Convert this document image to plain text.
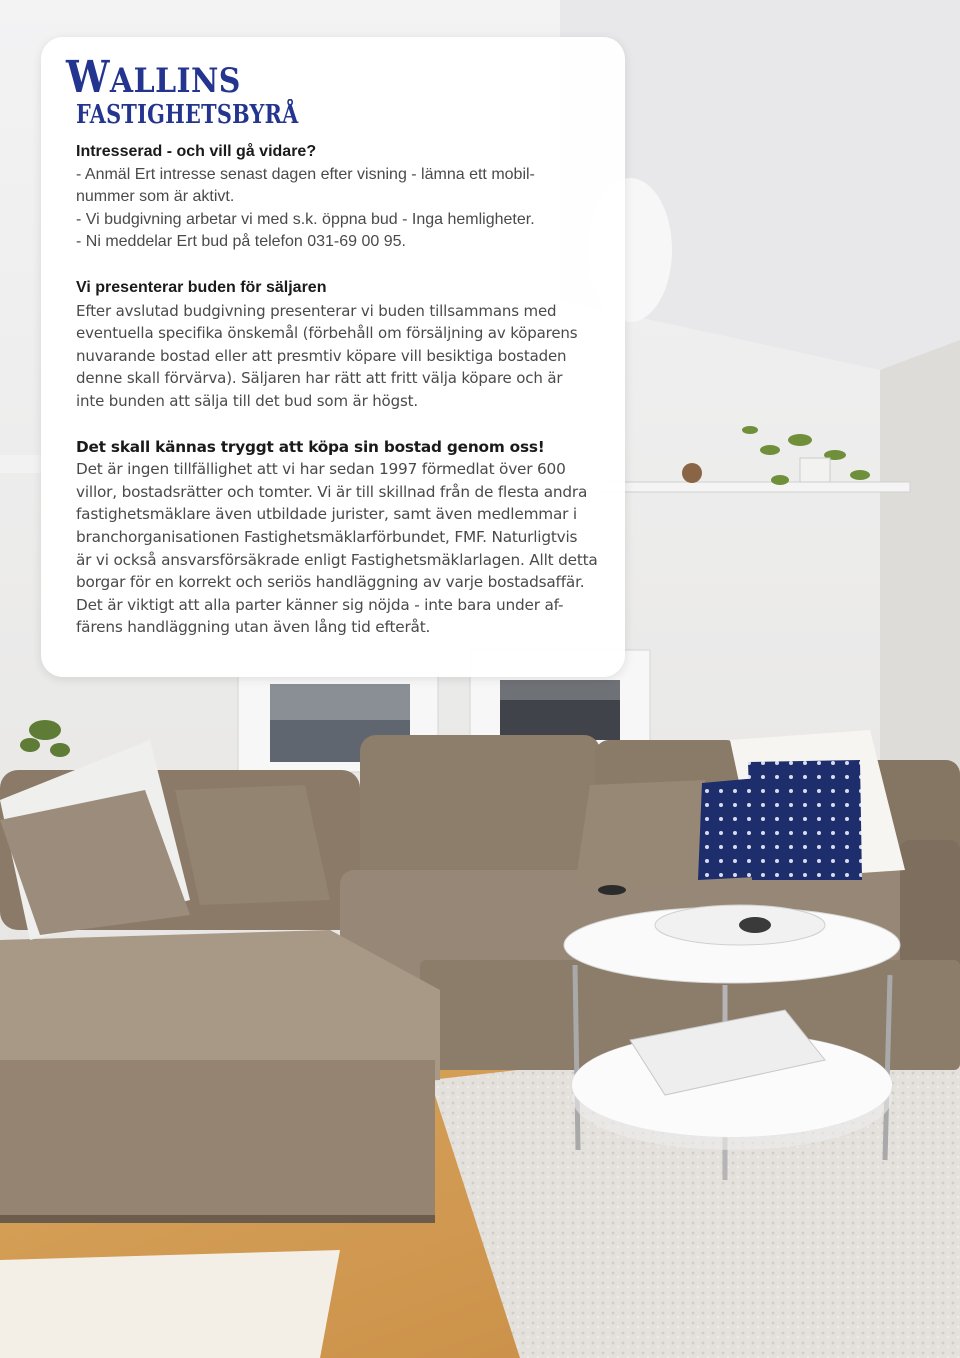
WALLINS
FASTIGHETSBYRÅ

Intresserad - och vill gå vidare?

- Anmäl Ert intresse senast dagen efter visning - lämna ett mobil-

nummer som är aktivt.

- Vi budgivning arbetar vi med s.k. öppna bud - Inga hemligheter.

- Ni meddelar Ert bud på telefon 031-69 00 95.

Vi presenterar buden för säljaren

Efter avslutad budgivning presenterar vi buden tillsammans med

eventuella specifika önskemål (förbehåll om försäljning av köparens

nuvarande bostad eller att presmtiv köpare vill besiktiga bostaden

denne skall förvärva). Säljaren har rätt att fritt välja köpare och är

inte bunden att sälja till det bud som är högst.

Det skall kännas tryggt att köpa sin bostad genom oss!

Det är ingen tillfällighet att vi har sedan 1997 förmedlat över 600

villor, bostadsrätter och tomter. Vi är till skillnad från de flesta andra

fastighetsmäklare även utbildade jurister, samt även medlemmar i

branchorganisationen Fastighetsmäklarförbundet, FMF. Naturligtvis

är vi också ansvarsförsäkrade enligt Fastighetsmäklarlagen. Allt detta

borgar för en korrekt och seriös handläggning av varje bostadsaffär.

Det är viktigt att alla parter känner sig nöjda - inte bara under af-

färens handläggning utan även lång tid efteråt.
